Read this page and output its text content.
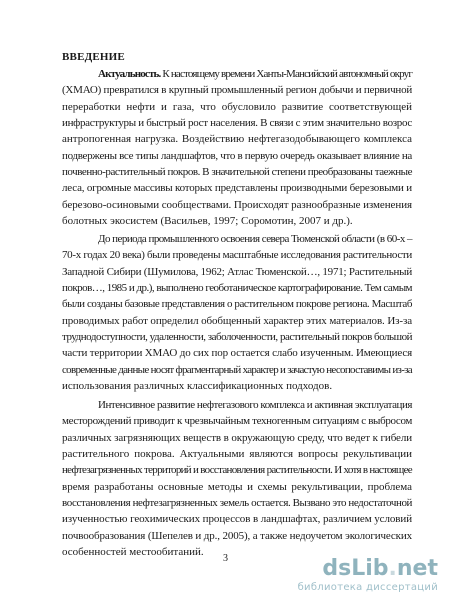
ВВЕДЕНИЕ
Актуальность. К настоящему времени Ханты-Мансийский автономный округ
(ХМАО) превратился в крупный промышленный регион добычи и первичной
переработки нефти и газа, что обусловило развитие соответствующей
инфраструктуры и быстрый рост населения. В связи с этим значительно возрос
антропогенная нагрузка. Воздействию нефтегазодобывающего комплекса
подвержены все типы ландшафтов, что в первую очередь оказывает влияние на
почвенно-растительный покров. В значительной степени преобразованы таежные
леса, огромные массивы которых представлены производными березовыми и
березово-осиновыми сообществами. Происходят разнообразные изменения
болотных экосистем (Васильев, 1997; Соромотин, 2007 и др.).
До периода промышленного освоения севера Тюменской области (в 60-х –
70-х годах 20 века) были проведены масштабные исследования растительности
Западной Сибири (Шумилова, 1962; Атлас Тюменской…, 1971; Растительный
покров…, 1985 и др.), выполнено геоботаническое картографирование. Тем самым
были созданы базовые представления о растительном покрове региона. Масштаб
проводимых работ определил обобщенный характер этих материалов. Из-за
труднодоступности, удаленности, заболоченности, растительный покров большой
части территории ХМАО до сих пор остается слабо изученным. Имеющиеся
современные данные носят фрагментарный характер и зачастую несопоставимы из-за
использования различных классификационных подходов.
Интенсивное развитие нефтегазового комплекса и активная эксплуатация
месторождений приводит к чрезвычайным техногенным ситуациям с выбросом
различных загрязняющих веществ в окружающую среду, что ведет к гибели
растительного покрова. Актуальными являются вопросы рекультивации
нефтезагрязненных территорий и восстановления растительности. И хотя в настоящее
время разработаны основные методы и схемы рекультивации, проблема
восстановления нефтезагрязненных земель остается. Вызвано это недостаточной
изученностью геохимических процессов в ландшафтах, различием условий
почвообразования (Шепелев и др., 2005), а также недоучетом экологических
особенностей местообитаний.
3	dsLib.net
библиотека диссертаций
